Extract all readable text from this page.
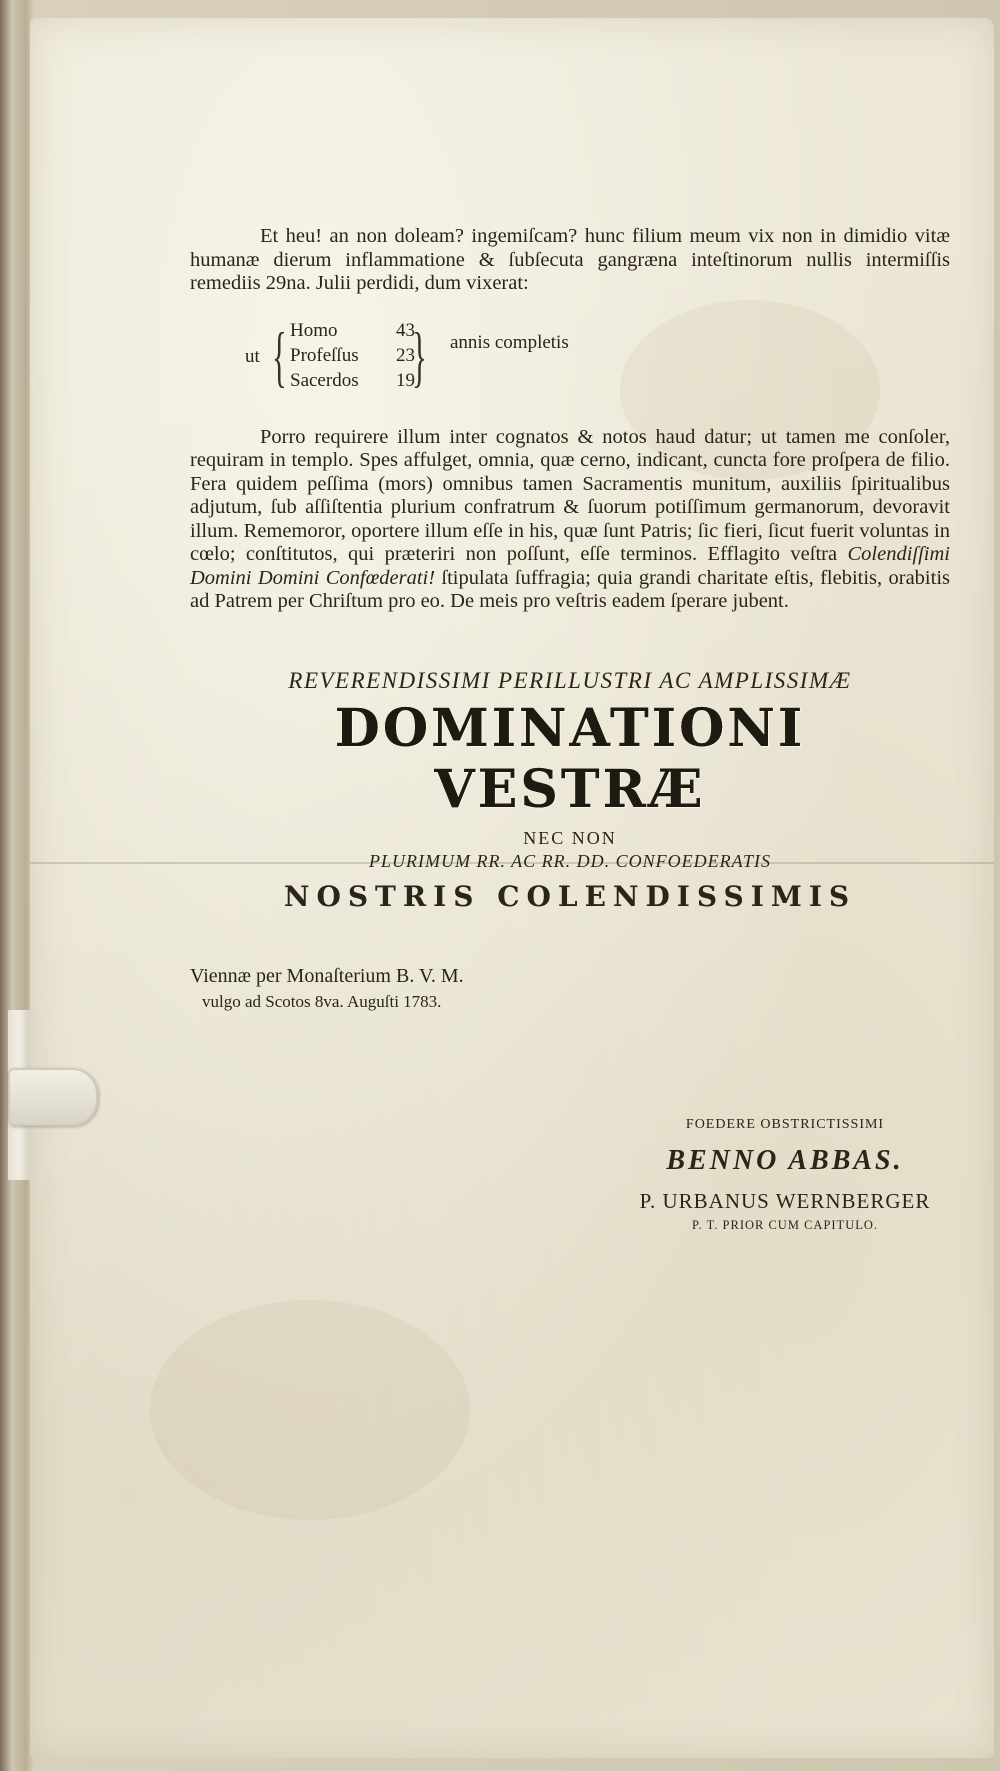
Et heu! an non doleam? ingemiſcam? hunc filium meum vix non in dimidio vitæ humanæ dierum inflammatione & ſubſecuta gangræna inteſtinorum nullis intermiſſis remediis 29na. Julii perdidi, dum vixerat:

ut { Homo	43
Profeſſus 23
Sacerdos 19
} annis completis

Porro requirere illum inter cognatos & notos haud datur; ut tamen me conſoler, requiram in templo. Spes affulget, omnia, quæ cerno, indicant, cuncta fore proſpera de filio. Fera quidem peſſima (mors) omnibus tamen Sacramentis munitum, auxiliis ſpiritualibus adjutum, ſub aſſiſtentia plurium confratrum & ſuorum potiſſimum germanorum, devoravit illum. Rememoror, oportere illum eſſe in his, quæ ſunt Patris; ſic fieri, ſicut fuerit voluntas in cœlo; conſtitutos, qui præteriri non poſſunt, eſſe terminos. Efflagito veſtra Colendiſſimi Domini Domini Confœderati! ſtipulata ſuffragia; quia grandi charitate eſtis, flebitis, orabitis ad Patrem per Chriſtum pro eo. De meis pro veſtris eadem ſperare jubent.

REVERENDISSIMI PERILLUSTRI AC AMPLISSIMÆ
DOMINATIONI VESTRÆ
NEC NON
PLURIMUM RR. AC RR. DD. CONFOEDERATIS
NOSTRIS COLENDISSIMIS
Viennæ per Monaſterium B. V. M.
vulgo ad Scotos 8va. Auguſti 1783.
FOEDERE OBSTRICTISSIMI
BENNO ABBAS.
P. URBANUS WERNBERGER
P. T. PRIOR CUM CAPITULO.
